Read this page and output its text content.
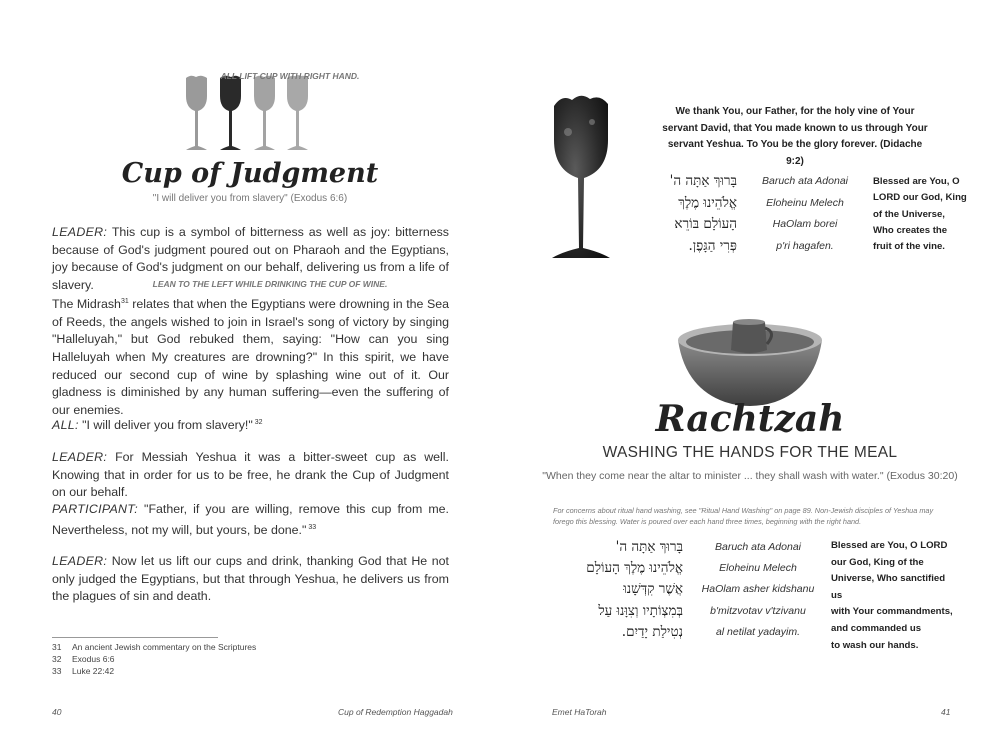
Cup of Judgment
"I will deliver you from slavery" (Exodus 6:6)

LEADER: This cup is a symbol of bitterness as well as joy: bitterness because of God's judgment poured out on Pharaoh and the Egyptians, joy because of God's judgment on our behalf, delivering us from a life of slavery.

The Midrash$^{31}$ relates that when the Egyptians were drowning in the Sea of Reeds, the angels wished to join in Israel's song of victory by singing "Halleluyah," but God rebuked them, saying: "How can you sing Halleluyah when My creatures are drowning?" In this spirit, we have reduced our second cup of wine by splashing wine out of it. Our gladness is diminished by any human suffering—even the suffering of our enemies.

ALL: "I will deliver you from slavery!" $^{32}$

LEADER: For Messiah Yeshua it was a bitter-sweet cup as well. Knowing that in order for us to be free, he drank the Cup of Judgment on our behalf.

PARTICIPANT: "Father, if you are willing, remove this cup from me. Nevertheless, not my will, but yours, be done." $^{33}$

LEADER: Now let us lift our cups and drink, thanking God that He not only judged the Egyptians, but that through Yeshua, he delivers us from the plagues of sin and death.

31 An ancient Jewish commentary on the Scriptures
32 Exodus 6:6
33 Luke 22:42
40	Cup of Redemption Haggadah
ALL LIFT CUP WITH RIGHT HAND.
We thank You, our Father, for the holy vine of Your servant David, that You made known to us through Your servant Yeshua. To You be the glory forever. (Didache 9:2)
בָּרוּךְ אַתָּה ה'
אֱלֹהֵינוּ מֶלֶךְ
הָעוֹלָם בּוֹרֵא
פְּרִי הַגָּפֶן.
Baruch ata Adonai
Eloheinu Melech
HaOlam borei
p'ri hagafen.
Blessed are You, O
LORD our God, King
of the Universe,
Who creates the
fruit of the vine.
LEAN TO THE LEFT WHILE DRINKING THE CUP OF WINE.
Rachtzah
WASHING THE HANDS FOR THE MEAL
"When they come near the altar to minister ... they shall wash with water." (Exodus 30:20)
For concerns about ritual hand washing, see "Ritual Hand Washing" on page 89. Non-Jewish disciples of Yeshua may forego this blessing. Water is poured over each hand three times, beginning with the right hand.
בָּרוּךְ אַתָּה ה'
אֱלֹהֵינוּ מֶלֶךְ הָעוֹלָם
אֲשֶׁר קִדְּשָׁנוּ
בְּמִצְוֹתָיו וְצִוָּנוּ עַל
נְטִילַת יָדַיִם.
Baruch ata Adonai
Eloheinu Melech
HaOlam asher kidshanu
b'mitzvotav v'tzivanu
al netilat yadayim.
Blessed are You, O LORD
our God, King of the
Universe, Who sanctified us
with Your commandments,
and commanded us
to wash our hands.
Emet HaTorah	41
